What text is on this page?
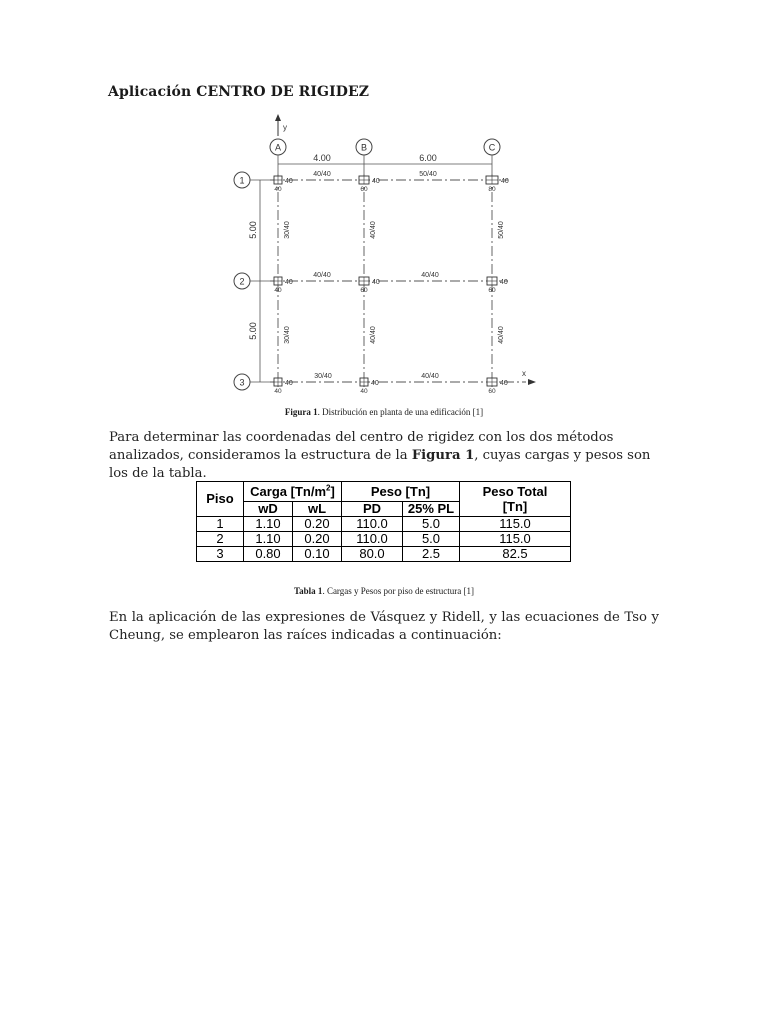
Aplicación CENTRO DE RIGIDEZ
y
A	B	C
4.00	6.00
1
2
3
5.00
5.00
x
40	40	40
40	40	40
40	40	40
40	60	80
40	60	60
40	40	60
40/40	50/40
40/40	40/40
30/40	40/40
30/40	40/40	50/40
30/40	40/40	40/40
Figura 1. Distribución en planta de una edificación [1]
Para determinar las coordenadas del centro de rigidez con los dos métodos analizados, consideramos la estructura de la Figura 1, cuyas cargas y pesos son los de la tabla.
Piso	Carga $[Tn/m^2]$		Peso [Tn]		Peso Total
[Tn]

	wD	wL	PD	25% PL	
1	1.10	0.20	110.0	5.0	115.0
2	1.10	0.20	110.0	5.0	115.0
3	0.80	0.10	80.0	2.5	82.5
Tabla 1. Cargas y Pesos por piso de estructura [1]
En la aplicación de las expresiones de Vásquez y Ridell, y las ecuaciones de Tso y
Cheung, se emplearon las raíces indicadas a continuación:
